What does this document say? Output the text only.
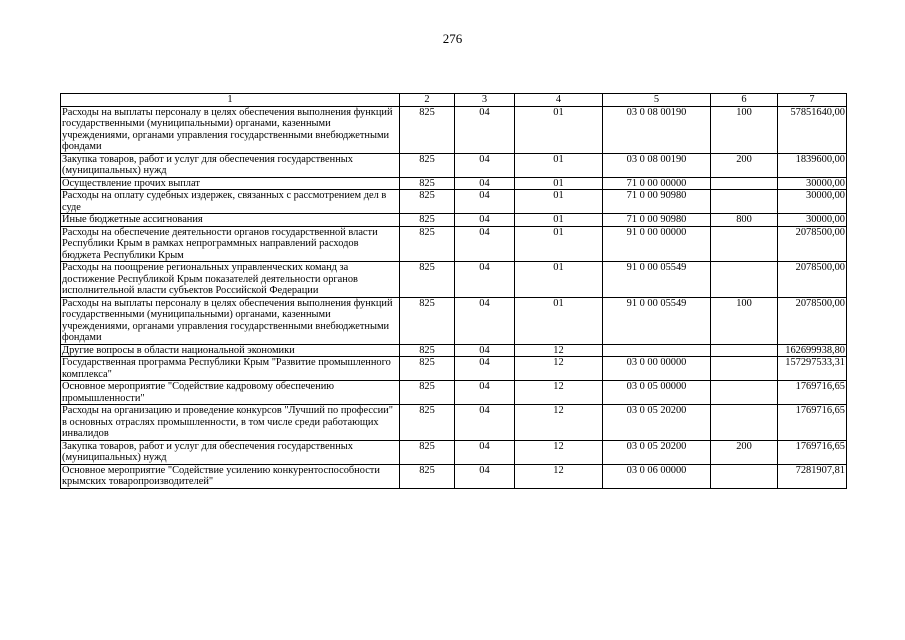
276
1	2	3	4	5	6	7
Расходы на выплаты персоналу в целях обеспечения выполнения функций государственными (муниципальными) органами, казенными учреждениями, органами управления государственными внебюджетными фондами	825	04	01	03 0 08 00190	100	57851640,00
Закупка товаров, работ и услуг для обеспечения государственных (муниципальных) нужд	825	04	01	03 0 08 00190	200	1839600,00
Осуществление прочих выплат	825	04	01	71 0 00 00000		30000,00
Расходы на оплату судебных издержек, связанных с рассмотрением дел в суде	825	04	01	71 0 00 90980		30000,00
Иные бюджетные ассигнования	825	04	01	71 0 00 90980	800	30000,00
Расходы на обеспечение деятельности органов государственной власти Республики Крым в рамках непрограммных направлений расходов бюджета Республики Крым	825	04	01	91 0 00 00000		2078500,00
Расходы на поощрение региональных управленческих команд за достижение Республикой Крым показателей деятельности органов исполнительной власти субъектов Российской Федерации	825	04	01	91 0 00 05549		2078500,00
Расходы на выплаты персоналу в целях обеспечения выполнения функций государственными (муниципальными) органами, казенными учреждениями, органами управления государственными внебюджетными фондами	825	04	01	91 0 00 05549	100	2078500,00
Другие вопросы в области национальной экономики	825	04	12			162699938,80
Государственная программа Республики Крым "Развитие промышленного комплекса"	825	04	12	03 0 00 00000		157297533,31
Основное мероприятие "Содействие кадровому обеспечению промышленности"	825	04	12	03 0 05 00000		1769716,65
Расходы на организацию и проведение конкурсов "Лучший по профессии" в основных отраслях промышленности, в том числе среди работающих инвалидов	825	04	12	03 0 05 20200		1769716,65
Закупка товаров, работ и услуг для обеспечения государственных (муниципальных) нужд	825	04	12	03 0 05 20200	200	1769716,65
Основное мероприятие "Содействие усилению конкурентоспособности крымских товаропроизводителей"	825	04	12	03 0 06 00000		7281907,81
